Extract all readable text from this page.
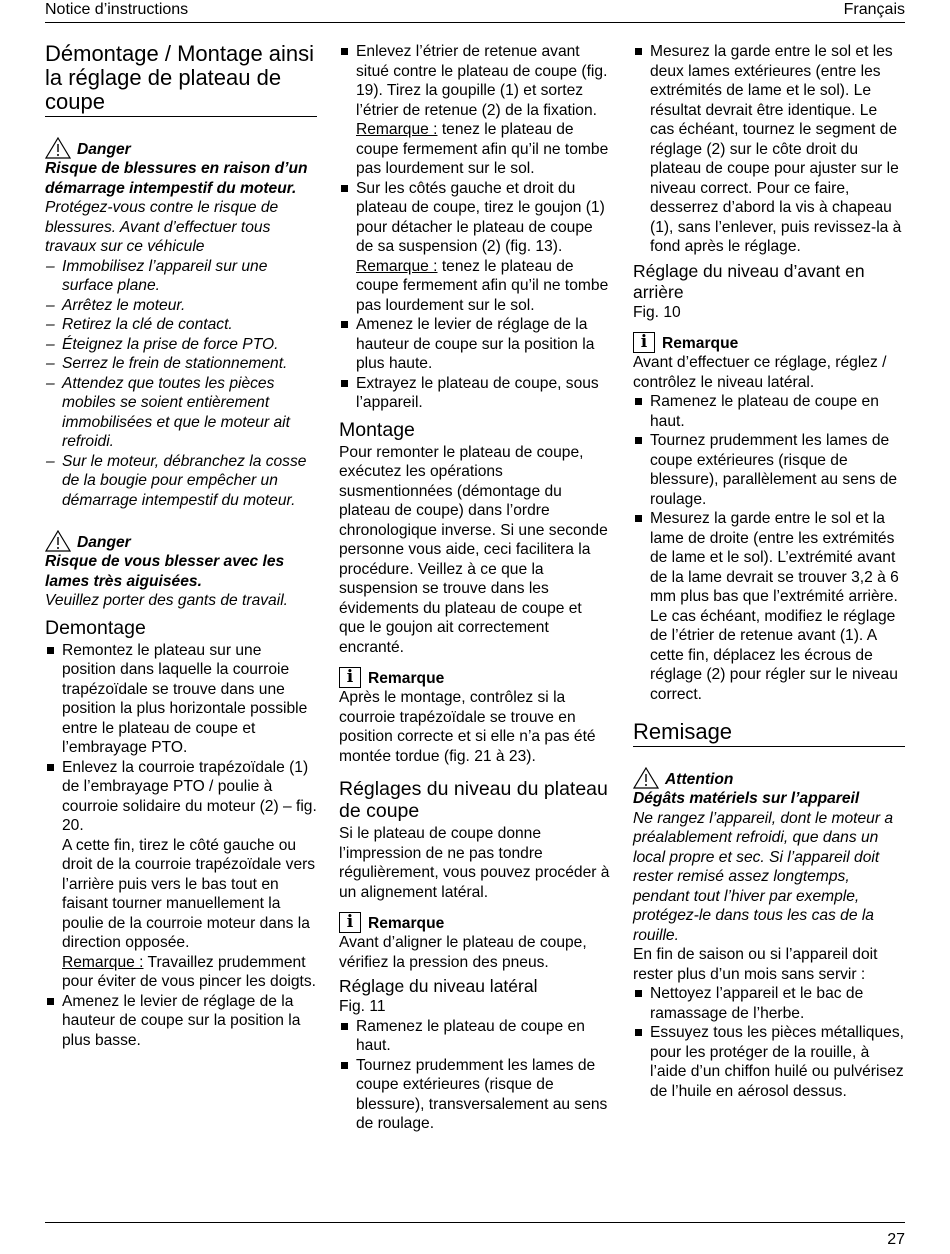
Notice d’instructions	Français
Démontage / Montage ainsi la réglage de plateau de coupe
Danger

Risque de blessures en raison d’un démarrage intempestif du moteur.

Protégez-vous contre le risque de blessures. Avant d’effectuer tous travaux sur ce véhicule

– Immobilisez l’appareil sur une surface plane.
– Arrêtez le moteur.
– Retirez la clé de contact.
– Éteignez la prise de force PTO.
– Serrez le frein de stationnement.
– Attendez que toutes les pièces mobiles se soient entièrement immobilisées et que le moteur ait refroidi.
– Sur le moteur, débranchez la cosse de la bougie pour empêcher un démarrage intempestif du moteur.
Danger

Risque de vous blesser avec les lames très aiguisées.

Veuillez porter des gants de travail.

Demontage
Remontez le plateau sur une position dans laquelle la courroie trapézoïdale se trouve dans une position la plus horizontale possible entre le plateau de coupe et l’embrayage PTO.
Enlevez la courroie trapézoïdale (1) de l’embrayage PTO / poulie à courroie solidaire du moteur (2) – fig. 20.

A cette fin, tirez le côté gauche ou droit de la courroie trapézoïdale vers l’arrière puis vers le bas tout en faisant tourner manuellement la poulie de la courroie moteur dans la direction opposée.

Remarque : Travaillez prudemment pour éviter de vous pincer les doigts.

Amenez le levier de réglage de la hauteur de coupe sur la position la plus basse.
Enlevez l’étrier de retenue avant situé contre le plateau de coupe (fig. 19). Tirez la goupille (1) et sortez l’étrier de retenue (2) de la fixation.

Remarque : tenez le plateau de coupe fermement afin qu’il ne tombe pas lourdement sur le sol.

Sur les côtés gauche et droit du plateau de coupe, tirez le goujon (1) pour détacher le plateau de coupe de sa suspension (2) (fig. 13).

Remarque : tenez le plateau de coupe fermement afin qu’il ne tombe pas lourdement sur le sol.

Amenez le levier de réglage de la hauteur de coupe sur la position la plus haute.
Extrayez le plateau de coupe, sous l’appareil.
Montage

Pour remonter le plateau de coupe, exécutez les opérations susmentionnées (démontage du plateau de coupe) dans l’ordre chronologique inverse. Si une seconde personne vous aide, ceci facilitera la procédure. Veillez à ce que la suspension se trouve dans les évidements du plateau de coupe et que le goujon ait correctement encranté.

i Remarque

Après le montage, contrôlez si la courroie trapézoïdale se trouve en position correcte et si elle n’a pas été montée tordue (fig. 21 à 23).

Réglages du niveau du plateau de coupe

Si le plateau de coupe donne l’impression de ne pas tondre régulièrement, vous pouvez procéder à un alignement latéral.

i Remarque

Avant d’aligner le plateau de coupe, vérifiez la pression des pneus.

Réglage du niveau latéral

Fig. 11

Ramenez le plateau de coupe en haut.
Tournez prudemment les lames de coupe extérieures (risque de blessure), transversalement au sens de roulage.
Mesurez la garde entre le sol et les deux lames extérieures (entre les extrémités de lame et le sol). Le résultat devrait être identique. Le cas échéant, tournez le segment de réglage (2) sur le côte droit du plateau de coupe pour ajuster sur le niveau correct. Pour ce faire, desserrez d’abord la vis à chapeau (1), sans l’enlever, puis revissez-la à fond après le réglage.
Réglage du niveau d’avant en arrière

Fig. 10

i Remarque

Avant d’effectuer ce réglage, réglez / contrôlez le niveau latéral.

Ramenez le plateau de coupe en haut.
Tournez prudemment les lames de coupe extérieures (risque de blessure), parallèlement au sens de roulage.
Mesurez la garde entre le sol et la lame de droite (entre les extrémités de lame et le sol). L’extrémité avant de la lame devrait se trouver 3,2 à 6 mm plus bas que l’extrémité arrière. Le cas échéant, modifiez le réglage de l’étrier de retenue avant (1). A cette fin, déplacez les écrous de réglage (2) pour régler sur le niveau correct.
Remisage
Attention

Dégâts matériels sur l’appareil

Ne rangez l’appareil, dont le moteur a préalablement refroidi, que dans un local propre et sec. Si l’appareil doit rester remisé assez longtemps, pendant tout l’hiver par exemple, protégez-le dans tous les cas de la rouille.

En fin de saison ou si l’appareil doit rester plus d’un mois sans servir :

Nettoyez l’appareil et le bac de ramassage de l’herbe.
Essuyez tous les pièces métalliques, pour les protéger de la rouille, à l’aide d’un chiffon huilé ou pulvérisez de l’huile en aérosol dessus.
27
